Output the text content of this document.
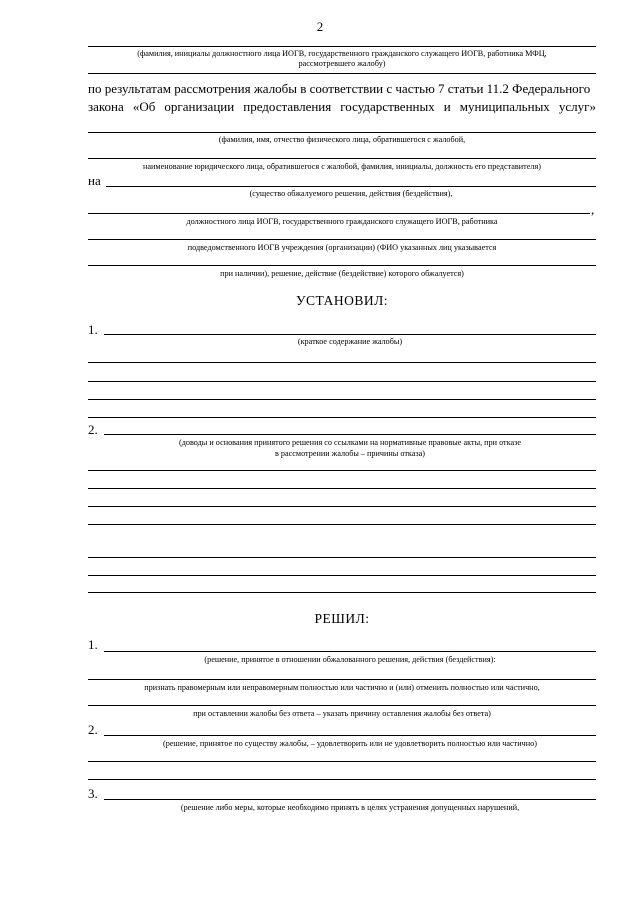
2
(фамилия, инициалы должностного лица ИОГВ, государственного гражданского служащего ИОГВ, работника МФЦ,
рассмотревшего жалобу)
по результатам рассмотрения жалобы в соответствии с частью 7 статьи 11.2 Федерального
закона «Об организации предоставления государственных и муниципальных услуг»
(фамилия, имя, отчество физического лица, обратившегося с жалобой,
наименование юридического лица, обратившегося с жалобой, фамилия, инициалы, должность его представителя)
на
(существо обжалуемого решения, действия (бездействия),
,
должностного лица ИОГВ, государственного гражданского служащего ИОГВ, работника
подведомственного ИОГВ учреждения (организации) (ФИО указанных лиц указывается
при наличии), решение, действие (бездействие) которого обжалуется)
УСТАНОВИЛ:
1.
(краткое содержание жалобы)
2.
(доводы и основания принятого решения со ссылками на нормативные правовые акты, при отказе
в рассмотрении жалобы – причины отказа)
РЕШИЛ:
1.
(решение, принятое в отношении обжалованного решения, действия (бездействия):
признать правомерным или неправомерным полностью или частично и (или) отменить полностью или частично,
при оставлении жалобы без ответа – указать причину оставления жалобы без ответа)
2.
(решение, принятое по существу жалобы, – удовлетворить или не удовлетворить полностью или частично)
3.
(решение либо меры, которые необходимо принять в целях устранения допущенных нарушений,
